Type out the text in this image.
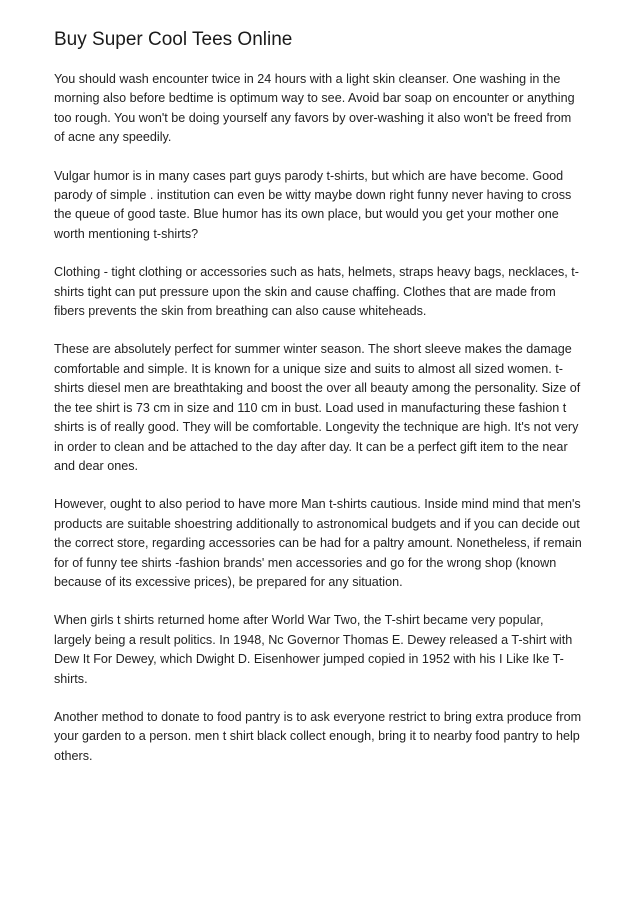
Buy Super Cool Tees Online

You should wash encounter twice in 24 hours with a light skin cleanser. One washing in the morning also before bedtime is optimum way to see. Avoid bar soap on encounter or anything too rough. You won't be doing yourself any favors by over-washing it also won't be freed from of acne any speedily.

Vulgar humor is in many cases part guys parody t-shirts, but which are have become. Good parody of simple . institution can even be witty maybe down right funny never having to cross the queue of good taste. Blue humor has its own place, but would you get your mother one worth mentioning t-shirts?

Clothing - tight clothing or accessories such as hats, helmets, straps heavy bags, necklaces, t-shirts tight can put pressure upon the skin and cause chaffing. Clothes that are made from fibers prevents the skin from breathing can also cause whiteheads.

These are absolutely perfect for summer winter season. The short sleeve makes the damage comfortable and simple. It is known for a unique size and suits to almost all sized women. t-shirts diesel men are breathtaking and boost the over all beauty among the personality. Size of the tee shirt is 73 cm in size and 110 cm in bust. Load used in manufacturing these fashion t shirts is of really good. They will be comfortable. Longevity the technique are high. It's not very in order to clean and be attached to the day after day. It can be a perfect gift item to the near and dear ones.

However, ought to also period to have more Man t-shirts cautious. Inside mind mind that men's products are suitable shoestring additionally to astronomical budgets and if you can decide out the correct store, regarding accessories can be had for a paltry amount. Nonetheless, if remain for of funny tee shirts -fashion brands' men accessories and go for the wrong shop (known because of its excessive prices), be prepared for any situation.

When girls t shirts returned home after World War Two, the T-shirt became very popular, largely being a result politics. In 1948, Nc Governor Thomas E. Dewey released a T-shirt with Dew It For Dewey, which Dwight D. Eisenhower jumped copied in 1952 with his I Like Ike T-shirts.

Another method to donate to food pantry is to ask everyone restrict to bring extra produce from your garden to a person. men t shirt black collect enough, bring it to nearby food pantry to help others.
